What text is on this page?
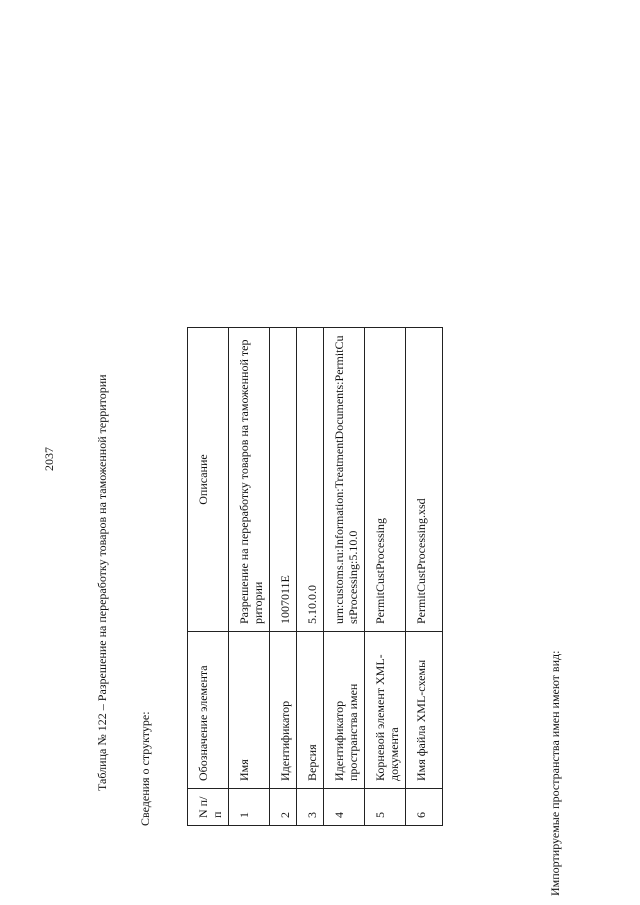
2037	Таблица № 122 – Разрешение на переработку товаров на таможенной территории Сведения о структуре:	N п/п	Обозначение элемента	Описание
1	Имя	Разрешение на переработку товаров на таможенной территории
2	Идентификатор	1007011E
3	Версия	5.10.0.0
4	Идентификатор пространства имен	urn:customs.ru:Information:TreatmentDocuments:PermitCustProcessing:5.10.0
5	Корневой элемент XML-документа	PermitCustProcessing
6	Имя файла XML-схемы	PermitCustProcessing.xsd
Импортируемые пространства имен имеют вид:
